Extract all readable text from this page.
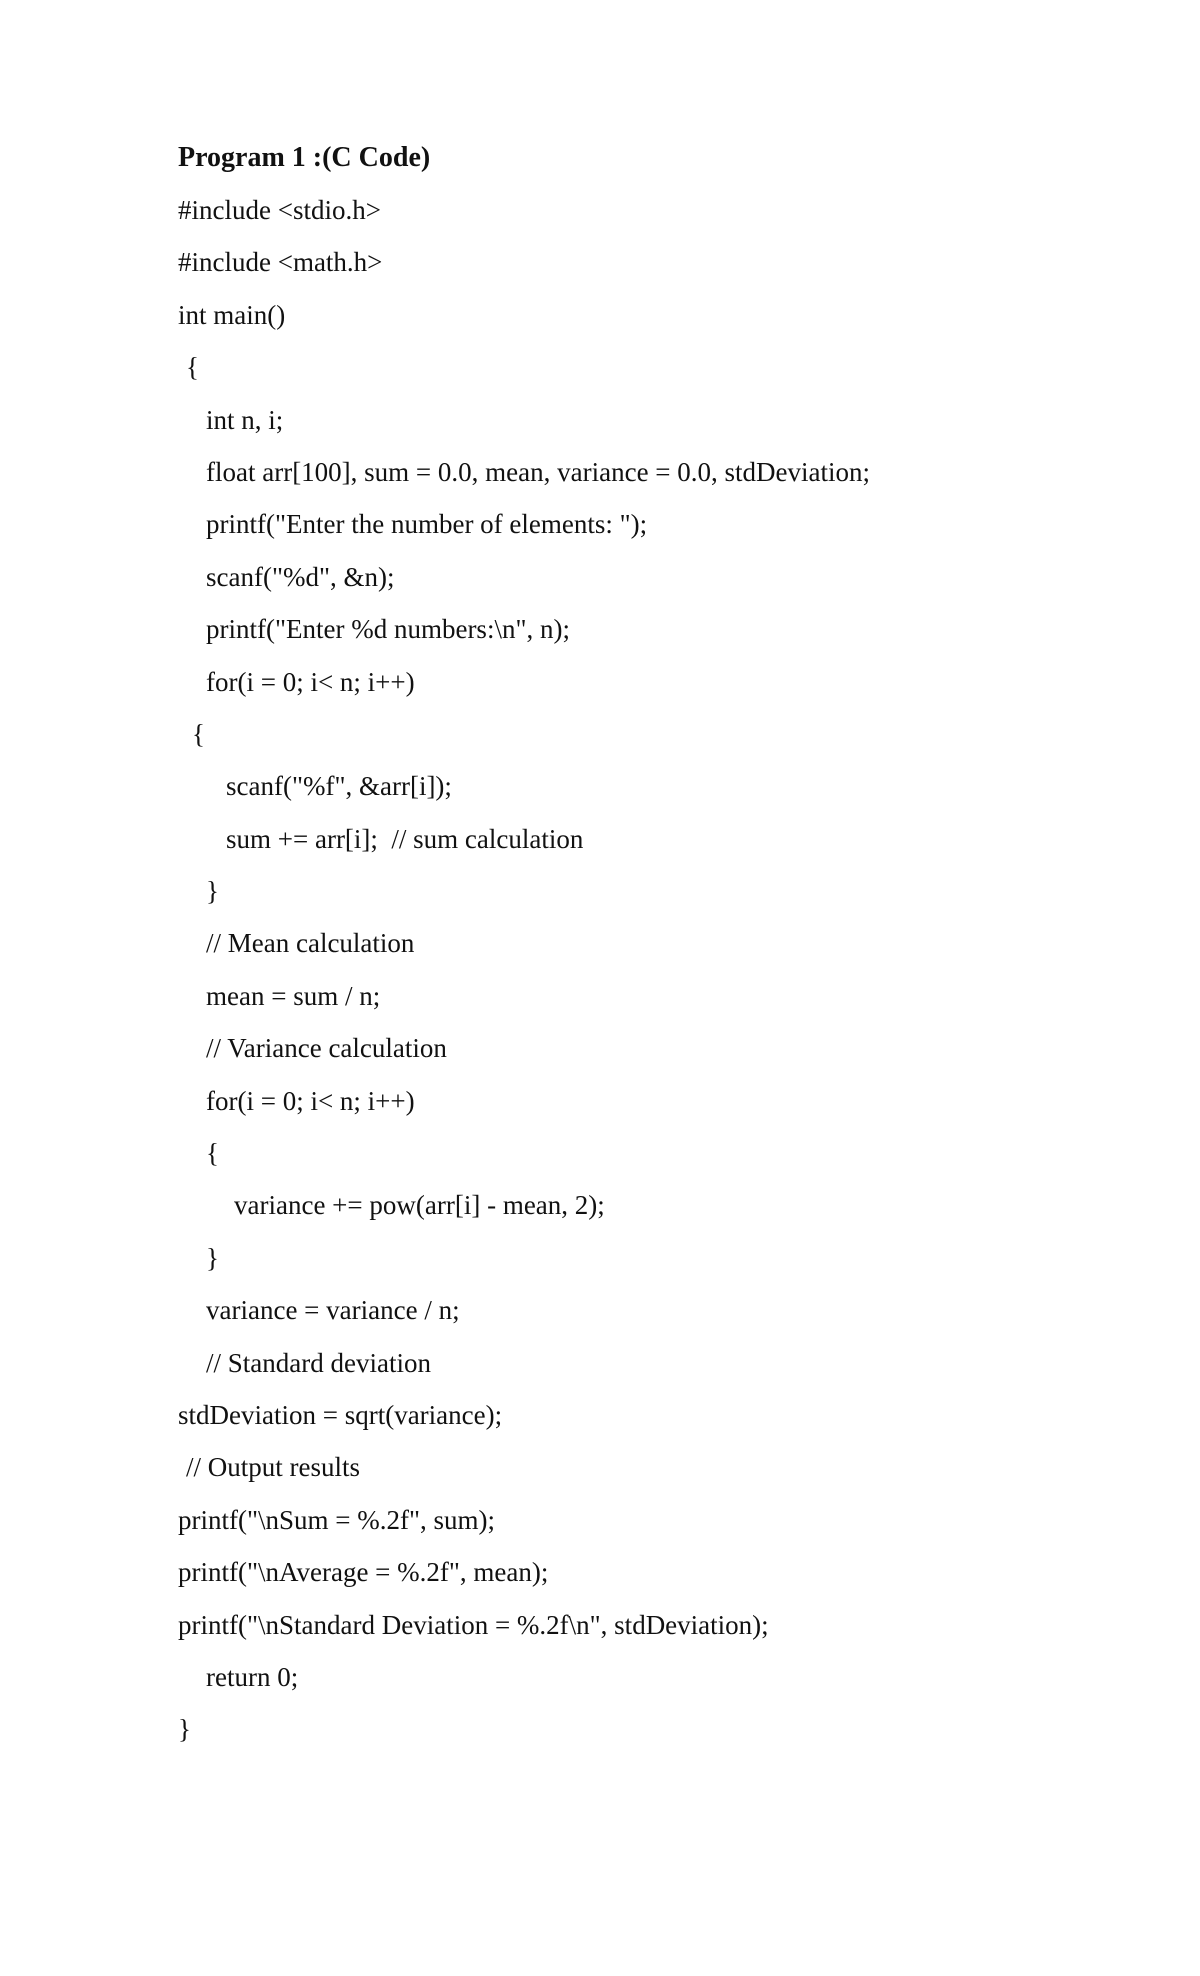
Program 1 :(C Code)
#include <stdio.h>
#include <math.h>
int main()
{
int n, i;
float arr[100], sum = 0.0, mean, variance = 0.0, stdDeviation;
printf("Enter the number of elements: ");
scanf("%d", &n);
printf("Enter %d numbers:\n", n);
for(i = 0; i< n; i++)
{
scanf("%f", &arr[i]);
sum += arr[i];  // sum calculation
}
// Mean calculation
mean = sum / n;
// Variance calculation
for(i = 0; i< n; i++)
{
variance += pow(arr[i] - mean, 2);
}
variance = variance / n;
// Standard deviation
stdDeviation = sqrt(variance);
// Output results
printf("\nSum = %.2f", sum);
printf("\nAverage = %.2f", mean);
printf("\nStandard Deviation = %.2f\n", stdDeviation);
return 0;
}
